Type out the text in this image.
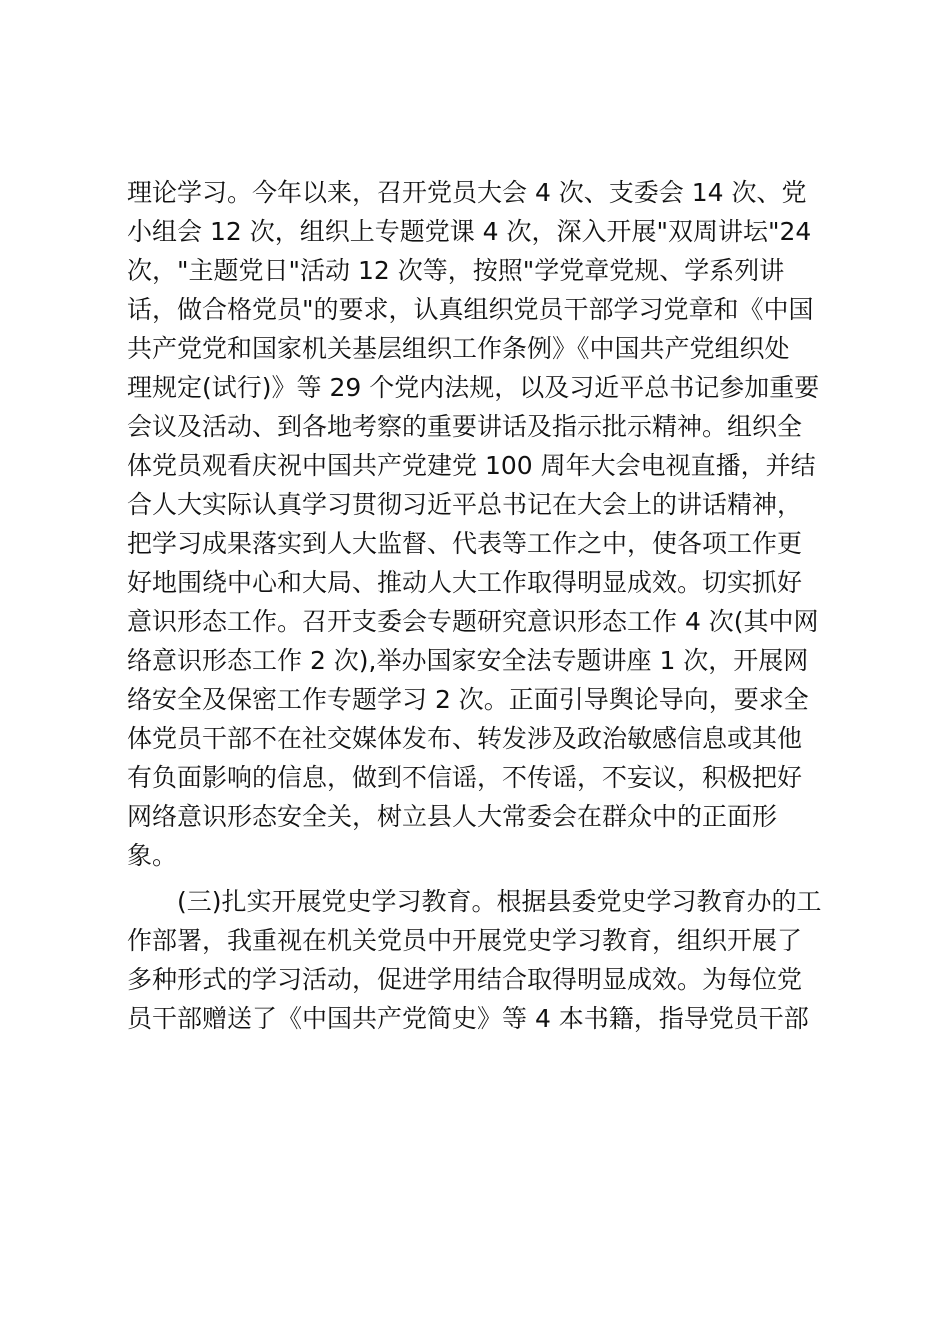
理论学习。今年以来，召开党员大会 4 次、支委会 14 次、党
小组会 12 次，组织上专题党课 4 次，深入开展"双周讲坛"24
次，"主题党日"活动 12 次等，按照"学党章党规、学系列讲
话，做合格党员"的要求，认真组织党员干部学习党章和《中国
共产党党和国家机关基层组织工作条例》《中国共产党组织处
理规定(试行)》等 29 个党内法规，以及习近平总书记参加重要
会议及活动、到各地考察的重要讲话及指示批示精神。组织全
体党员观看庆祝中国共产党建党 100 周年大会电视直播，并结
合人大实际认真学习贯彻习近平总书记在大会上的讲话精神，
把学习成果落实到人大监督、代表等工作之中，使各项工作更
好地围绕中心和大局、推动人大工作取得明显成效。切实抓好
意识形态工作。召开支委会专题研究意识形态工作 4 次(其中网
络意识形态工作 2 次),举办国家安全法专题讲座 1 次，开展网
络安全及保密工作专题学习 2 次。正面引导舆论导向，要求全
体党员干部不在社交媒体发布、转发涉及政治敏感信息或其他
有负面影响的信息，做到不信谣，不传谣，不妄议，积极把好
网络意识形态安全关，树立县人大常委会在群众中的正面形
象。
　　(三)扎实开展党史学习教育。根据县委党史学习教育办的工
作部署，我重视在机关党员中开展党史学习教育，组织开展了
多种形式的学习活动，促进学用结合取得明显成效。为每位党
员干部赠送了《中国共产党简史》等 4 本书籍，指导党员干部
